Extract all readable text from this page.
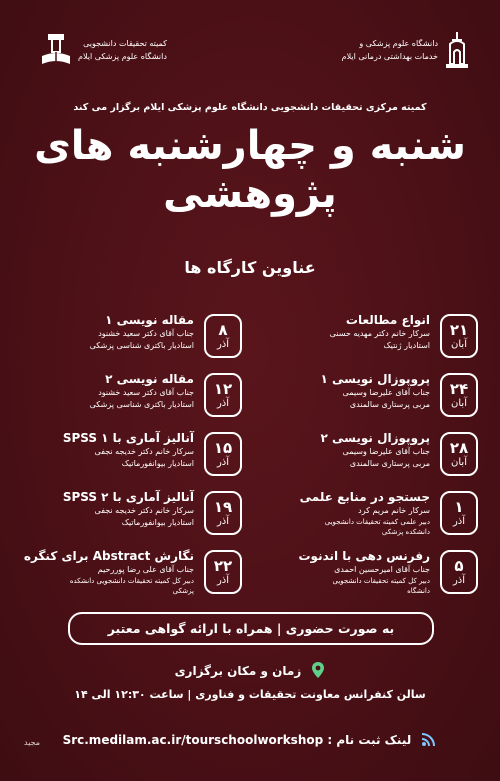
دانشگاه علوم پزشکی و
خدمات بهداشتی درمانی ایلام
کمیته تحقیقات دانشجویی
دانشگاه علوم پزشکی ایلام
کمیته مرکزی تحقیقات دانشجویی دانشگاه علوم پزشکی ایلام برگزار می کند
شنبه و چهارشنبه های
پژوهشی
عناوین کارگاه ها
۲۱
آبان
انواع مطالعات
سرکار خانم دکتر مهدیه حسنی
استادیار ژنتیک
۲۴
آبان
پروپوزال نویسی ۱
جناب آقای علیرضا وسیمی
مربی پرستاری سالمندی
۲۸
آبان
پروپوزال نویسی ۲
جناب آقای علیرضا وسیمی
مربی پرستاری سالمندی
۱
آذر
جستجو در منابع علمی
سرکار خانم مریم کرد
دبیر علمی کمیته تحقیقات دانشجویی
دانشکده پزشکی
۵
آذر
رفرنس دهی با اندنوت
جناب آقای امیرحسین احمدی
دبیر کل کمیته تحقیقات دانشجویی
دانشگاه
۸
آذر
مقاله نویسی ۱
جناب آقای دکتر سعید خشنود
استادیار باکتری شناسی پزشکی
۱۲
آذر
مقاله نویسی ۲
جناب آقای دکتر سعید خشنود
استادیار باکتری شناسی پزشکی
۱۵
آذر
آنالیز آماری با SPSS ۱
سرکار خانم دکتر خدیجه نجفی
استادیار بیوانفورماتیک
۱۹
آذر
آنالیز آماری با SPSS ۲
سرکار خانم دکتر خدیجه نجفی
استادیار بیوانفورماتیک
۲۲
آذر
نگارش Abstract برای کنگره
جناب آقای علی رضا پوررحیم
دبیر کل کمیته تحقیقات دانشجویی دانشکده
پزشکی
به صورت حضوری | همراه با ارائه گواهی معتبر
زمان و مکان برگزاری
سالن کنفرانس معاونت تحقیقات و فناوری | ساعت ۱۲:۳۰ الی ۱۴
لینک ثبت نام : Src.medilam.ac.ir/tourschoolworkshop
مجید
